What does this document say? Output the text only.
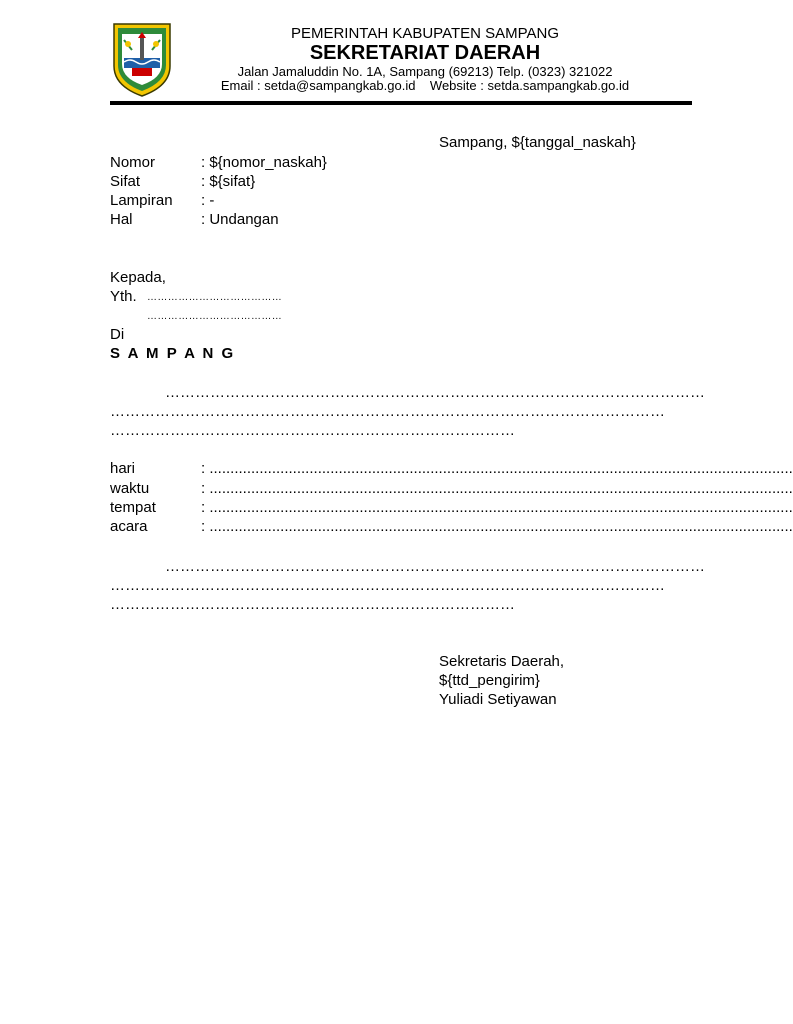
PEMERINTAH KABUPATEN SAMPANG
SEKRETARIAT DAERAH
Jalan Jamaluddin No. 1A, Sampang (69213) Telp. (0323) 321022
Email : setda@sampangkab.go.id    Website : setda.sampangkab.go.id
Sampang, ${tanggal_naskah}
Nomor	: ${nomor_naskah}
Sifat	: ${sifat}
Lampiran : -
Hal	: Undangan
Kepada,
Yth. …………………………………
…………………………………
Di
S A M P A N G
………………………………………………………………………………………………
…………………………………………………………………………………………………
………………………………………………………………………
hari	: ............................................................................................................................................
waktu	: ............................................................................................................................................
tempat	: ............................................................................................................................................
acara	: ............................................................................................................................................
………………………………………………………………………………………………
…………………………………………………………………………………………………
………………………………………………………………………
Sekretaris Daerah,
${ttd_pengirim}
Yuliadi Setiyawan
